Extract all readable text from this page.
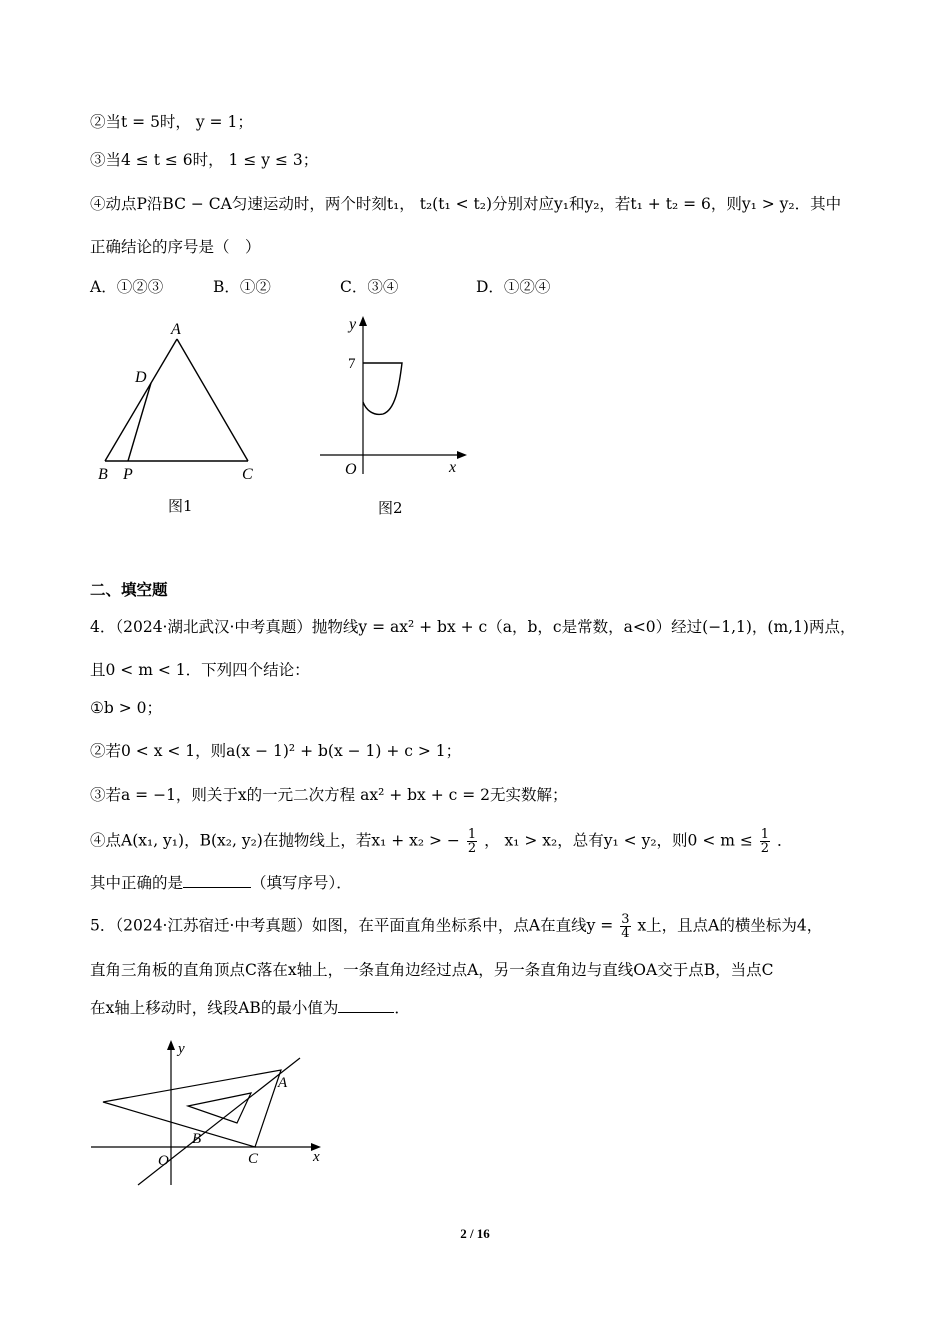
②当t = 5时， y = 1；
③当4 ≤ t ≤ 6时， 1 ≤ y ≤ 3；
④动点P沿BC − CA匀速运动时，两个时刻t₁， t₂(t₁ < t₂)分别对应y₁和y₂，若t₁ + t₂ = 6，则y₁ > y₂．其中
正确结论的序号是（　）
A．①②③	B．①②	C．③④	D．①②④
A
D
B P	C
图1
y
7
O	x
图2
二、填空题
4．（2024·湖北武汉·中考真题）抛物线y = ax² + bx + c（a，b，c是常数，a<0）经过(−1,1)，(m,1)两点，
且0 < m < 1．下列四个结论：
①b > 0；
②若0 < x < 1，则a(x − 1)² + b(x − 1) + c > 1；
③若a = −1，则关于x的一元二次方程 ax² + bx + c = 2无实数解；
④点A(x₁, y₁)，B(x₂, y₂)在抛物线上，若x₁ + x₂ > − $\frac{1}{2}$ ， x₁ > x₂，总有y₁ < y₂，则$0 < m \le \frac{1}{2}$ ．
其中正确的是	（填写序号）．
5．（2024·江苏宿迁·中考真题）如图，在平面直角坐标系中，点A在直线$y = \frac{3}{4}$ x上，且点A的横坐标为4，
直角三角板的直角顶点C落在x轴上，一条直角边经过点A，另一条直角边与直线OA交于点B，当点C
在x轴上移动时，线段AB的最小值为	．
y
A
B
O	C	x
2 / 16
